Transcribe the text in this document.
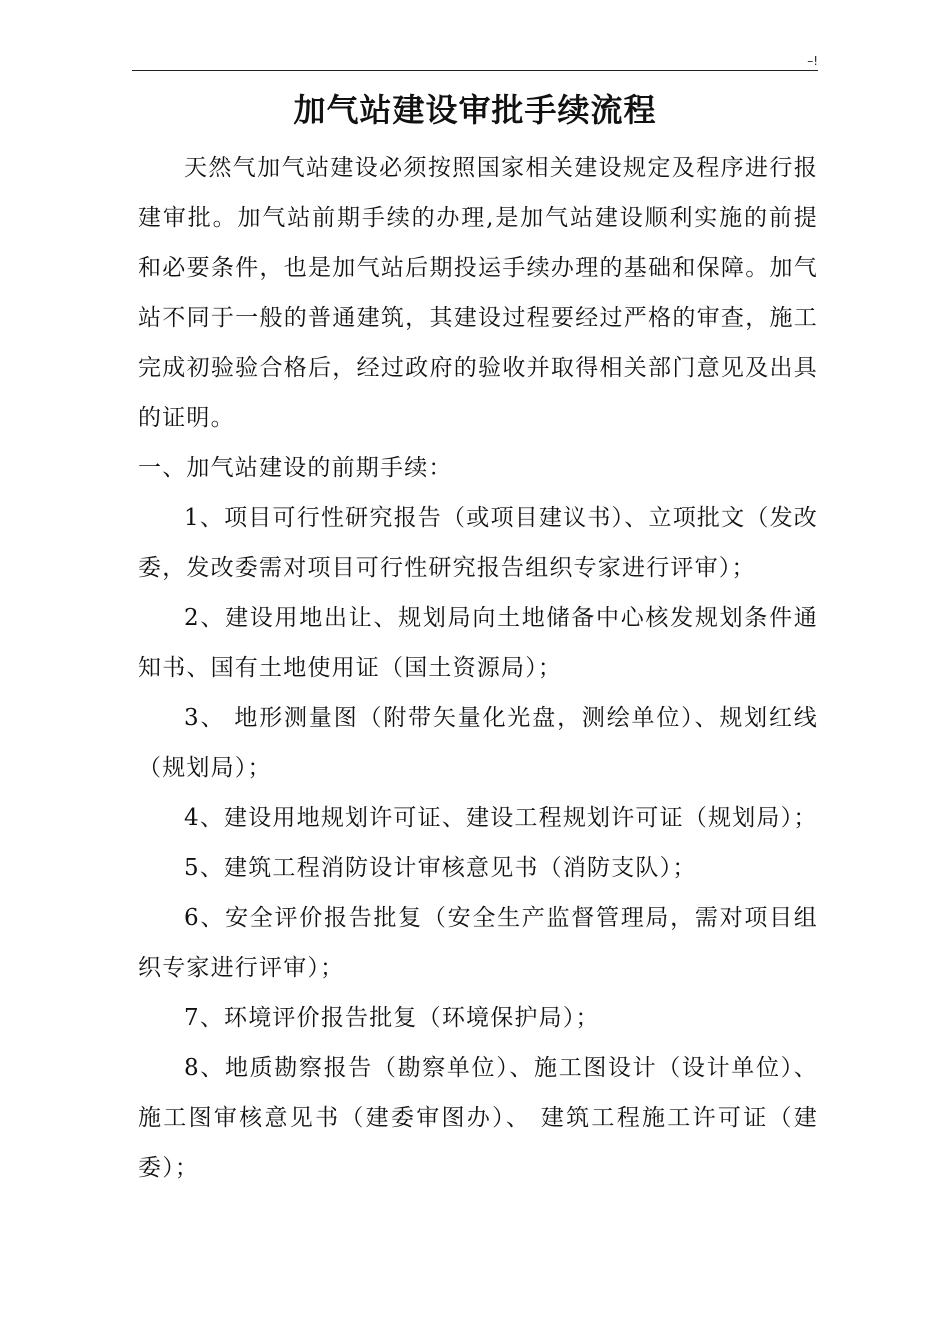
–!
加气站建设审批手续流程

天然气加气站建设必须按照国家相关建设规定及程序进行报建审批。加气站前期手续的办理,是加气站建设顺利实施的前提和必要条件，也是加气站后期投运手续办理的基础和保障。加气站不同于一般的普通建筑，其建设过程要经过严格的审查，施工完成初验验合格后，经过政府的验收并取得相关部门意见及出具的证明。

一、加气站建设的前期手续：

1、项目可行性研究报告（或项目建议书）、立项批文（发改委，发改委需对项目可行性研究报告组织专家进行评审）；

2、建设用地出让、规划局向土地储备中心核发规划条件通知书、国有土地使用证（国土资源局）；

3、 地形测量图（附带矢量化光盘，测绘单位）、规划红线（规划局）；

4、建设用地规划许可证、建设工程规划许可证（规划局）；

5、建筑工程消防设计审核意见书（消防支队）；

6、安全评价报告批复（安全生产监督管理局，需对项目组织专家进行评审）；

7、环境评价报告批复（环境保护局）；

8、地质勘察报告（勘察单位）、施工图设计（设计单位）、施工图审核意见书（建委审图办）、 建筑工程施工许可证（建委）；
